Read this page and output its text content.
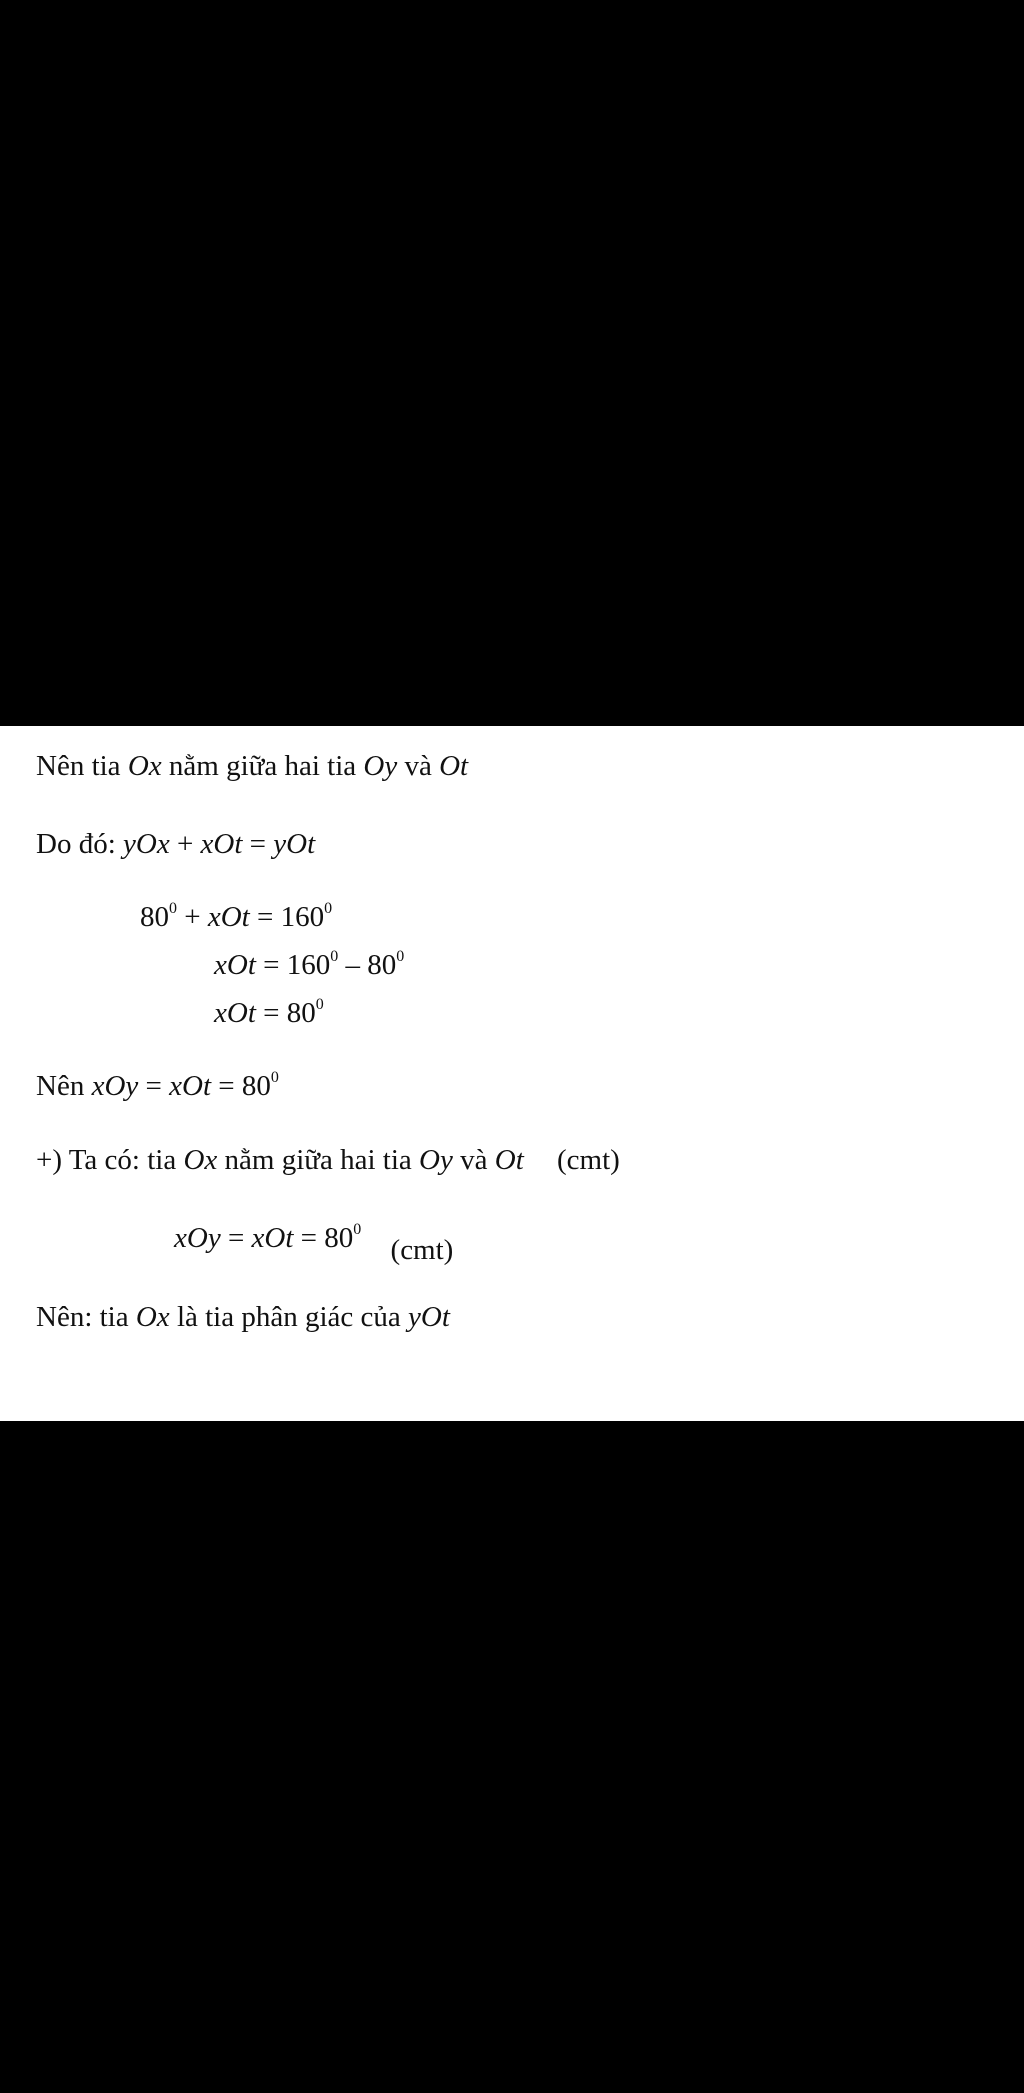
Nên tia Ox nằm giữa hai tia Oy và Ot
Do đó: yOx + xOt = yOt
$80^0$ + xOt = $160^0$
xOt = $160^0 - 80^0$
xOt = $80^0$
Nên xOy = xOt = $80^0$
+) Ta có: tia Ox nằm giữa hai tia Oy và Ot (cmt)
xOy = xOt = $80^0$ (cmt)
Nên: tia Ox là tia phân giác của yOt
